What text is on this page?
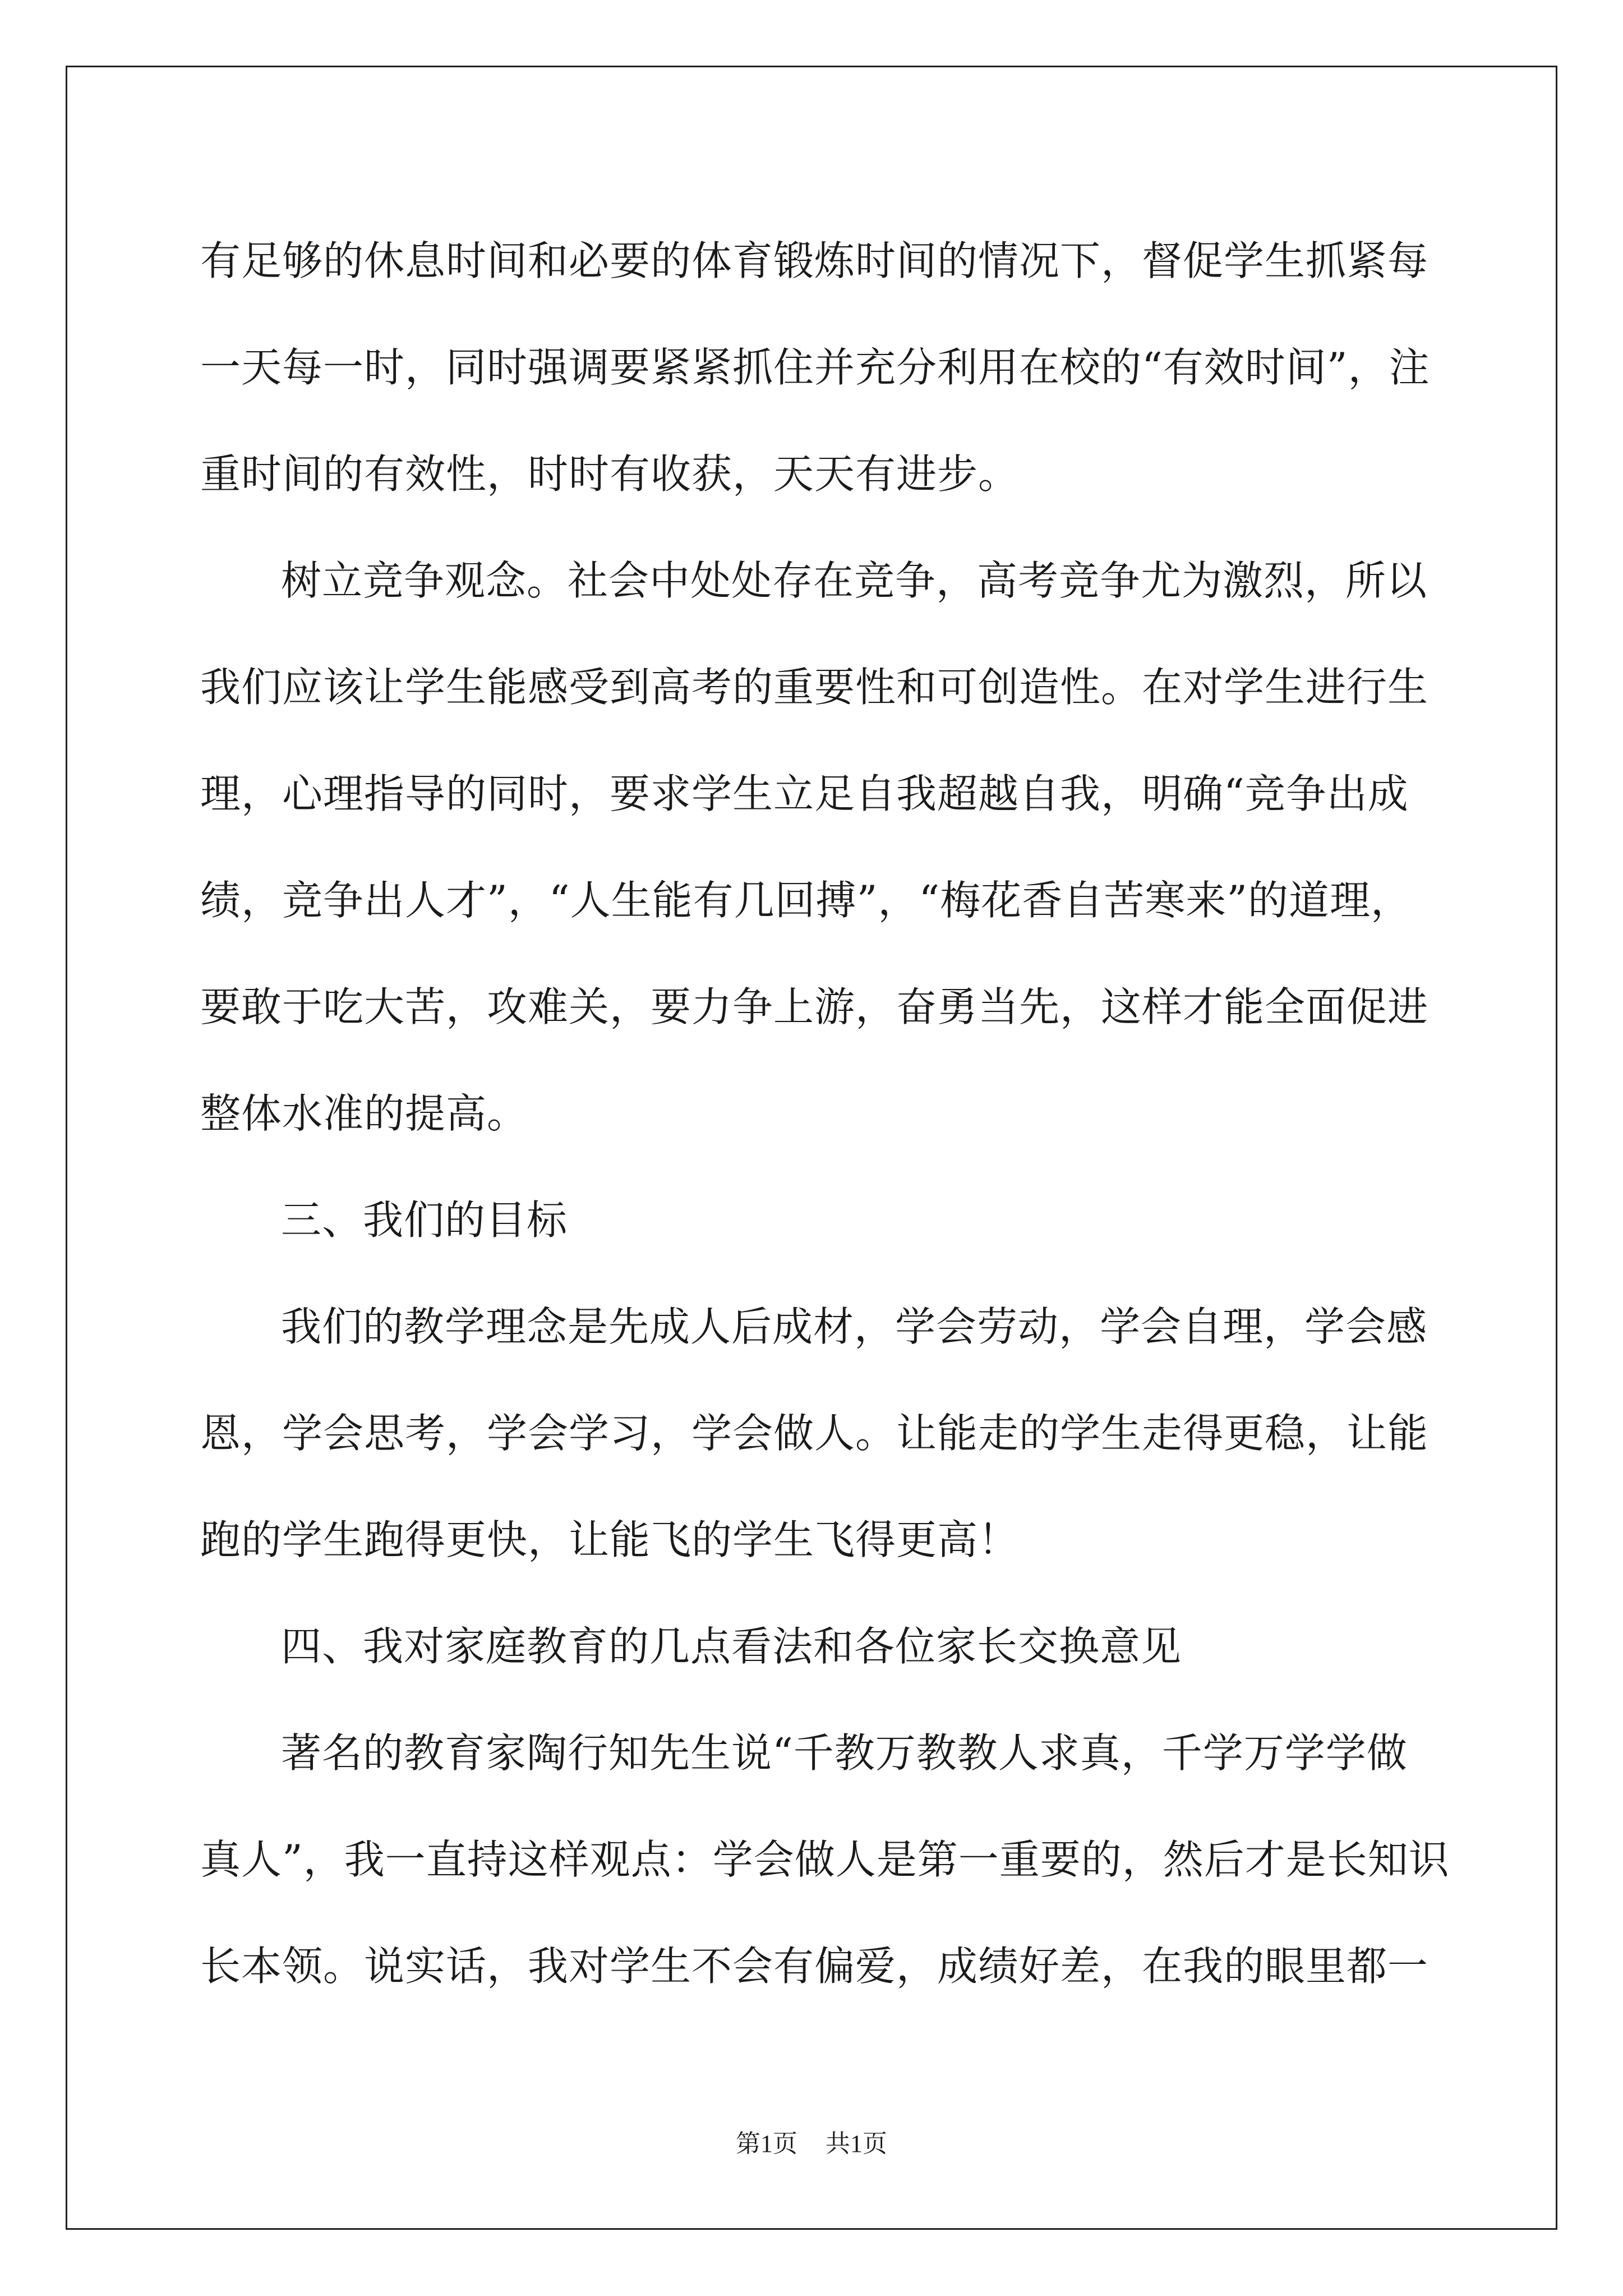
有足够的休息时间和必要的体育锻炼时间的情况下，督促学生抓紧每
一天每一时，同时强调要紧紧抓住并充分利用在校的“有效时间”，注
重时间的有效性，时时有收获，天天有进步。
树立竞争观念。社会中处处存在竞争，高考竞争尤为激烈，所以
我们应该让学生能感受到高考的重要性和可创造性。在对学生进行生
理，心理指导的同时，要求学生立足自我超越自我，明确“竞争出成
绩，竞争出人才”，“人生能有几回搏”，“梅花香自苦寒来”的道理，
要敢于吃大苦，攻难关，要力争上游，奋勇当先，这样才能全面促进
整体水准的提高。
三、我们的目标
我们的教学理念是先成人后成材，学会劳动，学会自理，学会感
恩，学会思考，学会学习，学会做人。让能走的学生走得更稳，让能
跑的学生跑得更快，让能飞的学生飞得更高！
四、我对家庭教育的几点看法和各位家长交换意见
著名的教育家陶行知先生说“千教万教教人求真，千学万学学做
真人”，我一直持这样观点：学会做人是第一重要的，然后才是长知识
长本领。说实话，我对学生不会有偏爱，成绩好差，在我的眼里都一
第1页 共1页
